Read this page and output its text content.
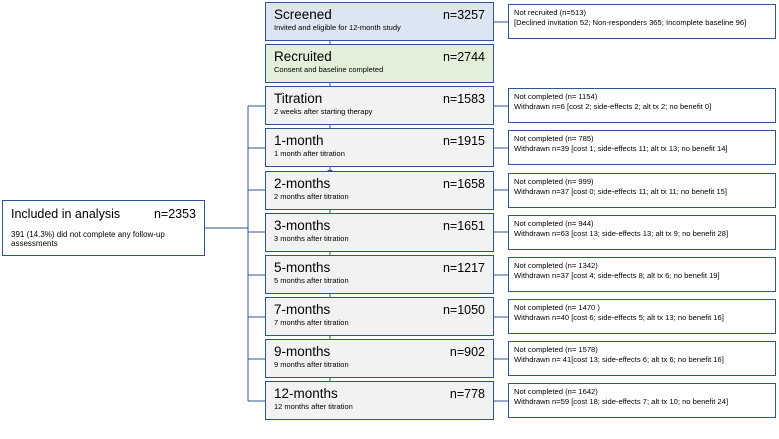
Screened	n=3257
Invited and eligible for 12-month study
Recruited	n=2744
Consent and baseline completed
Titration	n=1583
2 weeks after starting therapy
1-month	n=1915
1 month after titration
2-months	n=1658
2 months after titration
3-months	n=1651
3 months after titration
5-months	n=1217
5 months after titration
7-months	n=1050
7 months after titration
9-months	n=902
9 months after titration
12-months	n=778
12 months after titration
Not recruited (n=513)
[Declined invitation 52; Non-responders 365; Incomplete baseline 96]
Not completed (n= 1154)
Withdrawn n=6 [cost 2; side-effects 2; alt tx 2; no benefit 0]
Not completed (n= 785)
Withdrawn n=39 [cost 1; side-effects 11; alt tx 13; no benefit 14]
Not completed (n= 999)
Withdrawn n=37 [cost 0; side-effects 11; alt tx 11; no benefit 15]
Not completed (n= 944)
Withdrawn n=63 [cost 13; side-effects 13; alt tx 9; no benefit 28]
Not completed (n= 1342)
Withdrawn n=37 [cost 4; side-effects 8; alt tx 6; no benefit 19]
Not completed (n= 1470 )
Withdrawn n=40 [cost 6; side-effects 5; alt tx 13; no benefit 16]
Not completed (n= 1578)
Withdrawn n= 41[cost 13; side-effects 6; alt tx 6; no benefit 16]
Not completed (n= 1642)
Withdrawn n=59 [cost 18; side-effects 7; alt tx 10; no benefit 24]
Included in analysis	n=2353
391 (14.3%) did not complete any follow-up assessments
